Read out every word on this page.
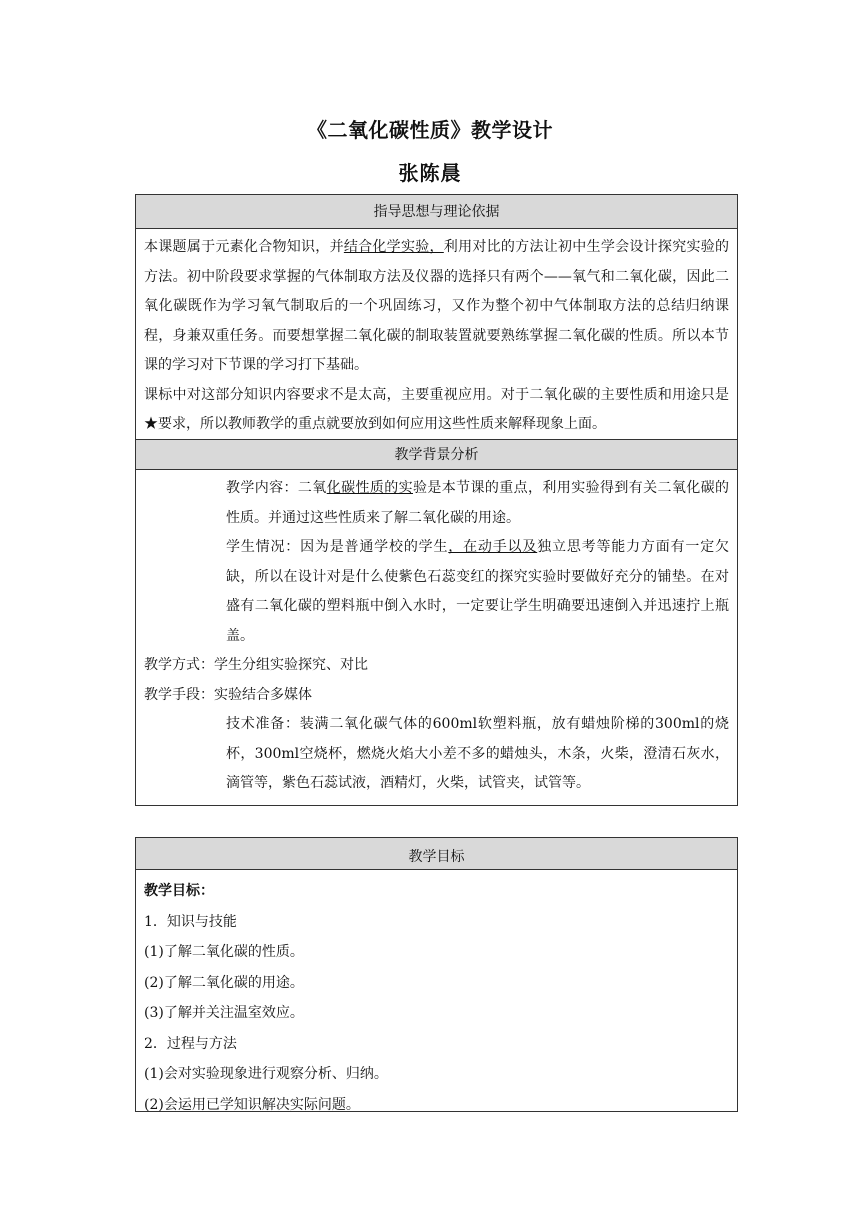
《二氧化碳性质》教学设计
张陈晨
指导思想与理论依据

本课题属于元素化合物知识，并结合化学实验，利用对比的方法让初中生学会设计探究实验的方法。初中阶段要求掌握的气体制取方法及仪器的选择只有两个——氧气和二氧化碳，因此二氧化碳既作为学习氧气制取后的一个巩固练习，又作为整个初中气体制取方法的总结归纳课程，身兼双重任务。而要想掌握二氧化碳的制取装置就要熟练掌握二氧化碳的性质。所以本节课的学习对下节课的学习打下基础。

课标中对这部分知识内容要求不是太高，主要重视应用。对于二氧化碳的主要性质和用途只是★要求，所以教师教学的重点就要放到如何应用这些性质来解释现象上面。

教学背景分析

教学内容：二氧化碳性质的实验是本节课的重点，利用实验得到有关二氧化碳的性质。并通过这些性质来了解二氧化碳的用途。

学生情况：因为是普通学校的学生，在动手以及独立思考等能力方面有一定欠缺，所以在设计对是什么使紫色石蕊变红的探究实验时要做好充分的铺垫。在对盛有二氧化碳的塑料瓶中倒入水时，一定要让学生明确要迅速倒入并迅速拧上瓶盖。

教学方式：学生分组实验探究、对比

教学手段：实验结合多媒体

技术准备：装满二氧化碳气体的600ml软塑料瓶，放有蜡烛阶梯的300ml的烧杯，300ml空烧杯，燃烧火焰大小差不多的蜡烛头，木条，火柴，澄清石灰水，滴管等，紫色石蕊试液，酒精灯，火柴，试管夹，试管等。

教学目标

教学目标：

1．知识与技能

(1)了解二氧化碳的性质。

(2)了解二氧化碳的用途。

(3)了解并关注温室效应。

2．过程与方法

(1)会对实验现象进行观察分析、归纳。

(2)会运用已学知识解决实际问题。
